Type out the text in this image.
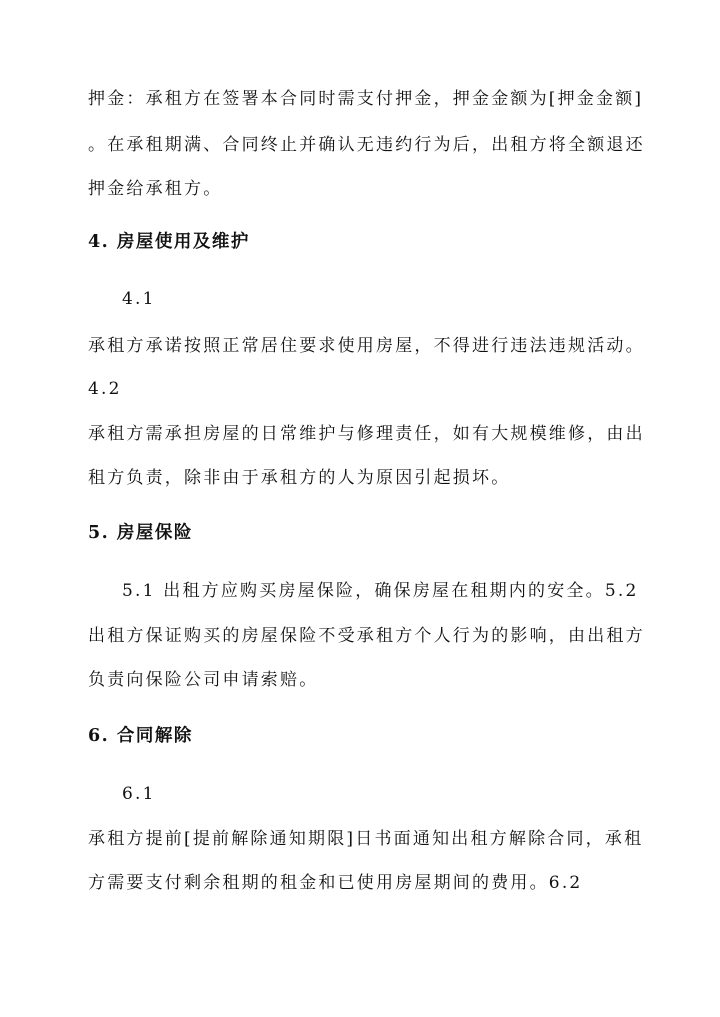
押金：承租方在签署本合同时需支付押金，押金金额为[押金金额]
。在承租期满、合同终止并确认无违约行为后，出租方将全额退还
押金给承租方。
4. 房屋使用及维护
4.1
承租方承诺按照正常居住要求使用房屋，不得进行违法违规活动。
4.2
承租方需承担房屋的日常维护与修理责任，如有大规模维修，由出
租方负责，除非由于承租方的人为原因引起损坏。
5. 房屋保险
5.1 出租方应购买房屋保险，确保房屋在租期内的安全。5.2
出租方保证购买的房屋保险不受承租方个人行为的影响，由出租方
负责向保险公司申请索赔。
6. 合同解除
6.1
承租方提前[提前解除通知期限]日书面通知出租方解除合同，承租
方需要支付剩余租期的租金和已使用房屋期间的费用。6.2
